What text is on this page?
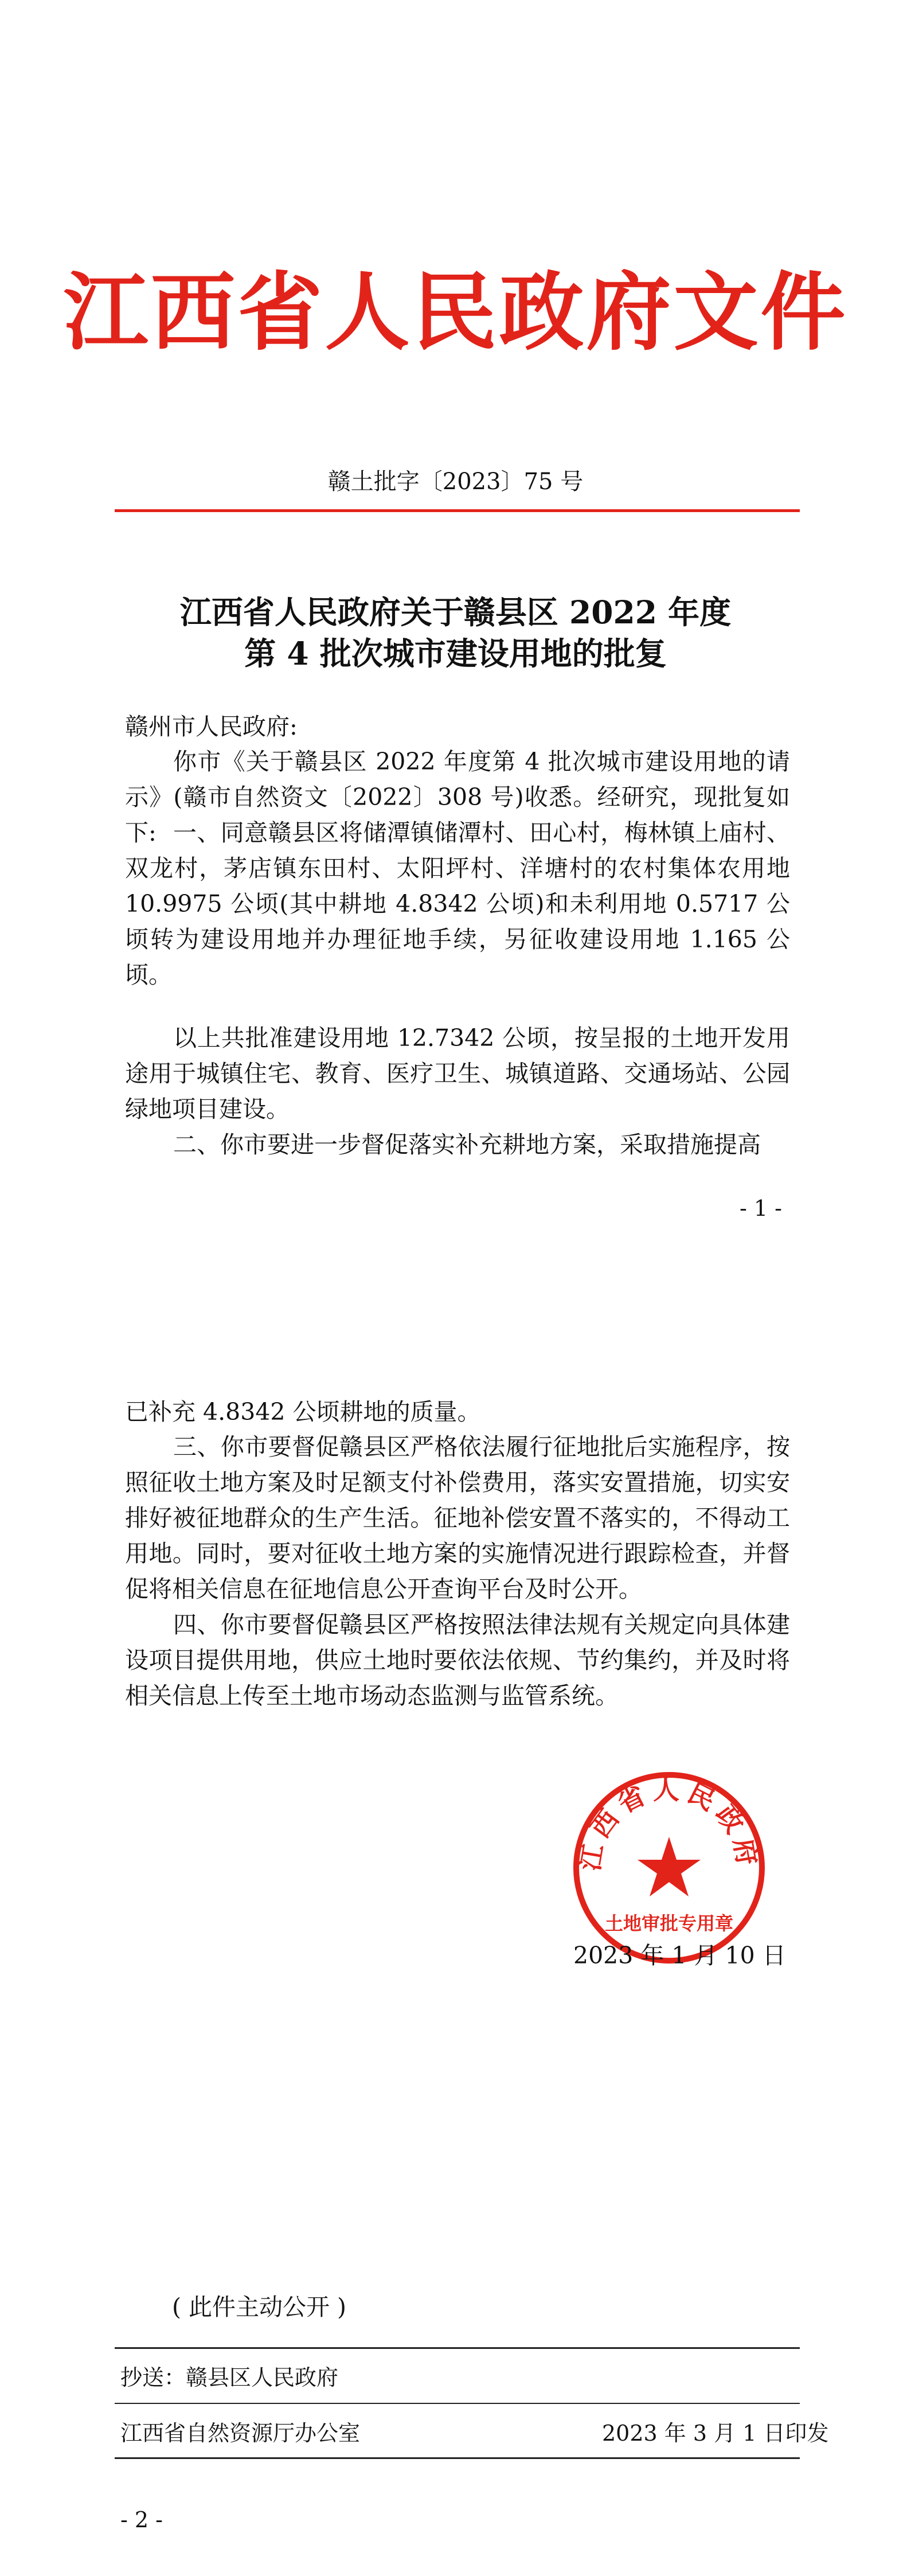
江西省人民政府文件
赣土批字〔2023〕75 号
江西省人民政府关于赣县区 2022 年度
第 4 批次城市建设用地的批复
赣州市人民政府:

你市《关于赣县区 2022 年度第 4 批次城市建设用地的请示》(赣市自然资文〔2022〕308 号)收悉。经研究，现批复如下: 一、同意赣县区将储潭镇储潭村、田心村，梅林镇上庙村、双龙村，茅店镇东田村、太阳坪村、洋塘村的农村集体农用地 10.9975 公顷(其中耕地 4.8342 公顷)和未利用地 0.5717 公顷转为建设用地并办理征地手续，另征收建设用地 1.165 公顷。

以上共批准建设用地 12.7342 公顷，按呈报的土地开发用途用于城镇住宅、教育、医疗卫生、城镇道路、交通场站、公园绿地项目建设。

二、你市要进一步督促落实补充耕地方案，采取措施提高

- 1 -
已补充 4.8342 公顷耕地的质量。

三、你市要督促赣县区严格依法履行征地批后实施程序，按照征收土地方案及时足额支付补偿费用，落实安置措施，切实安排好被征地群众的生产生活。征地补偿安置不落实的，不得动工用地。同时，要对征收土地方案的实施情况进行跟踪检查，并督促将相关信息在征地信息公开查询平台及时公开。

四、你市要督促赣县区严格按照法律法规有关规定向具体建设项目提供用地，供应土地时要依法依规、节约集约，并及时将相关信息上传至土地市场动态监测与监管系统。

江西省人民政府
土地审批专用章
2023 年 1 月 10 日
( 此件主动公开 )
抄送：赣县区人民政府
江西省自然资源厅办公室	2023 年 3 月 1 日印发
- 2 -
